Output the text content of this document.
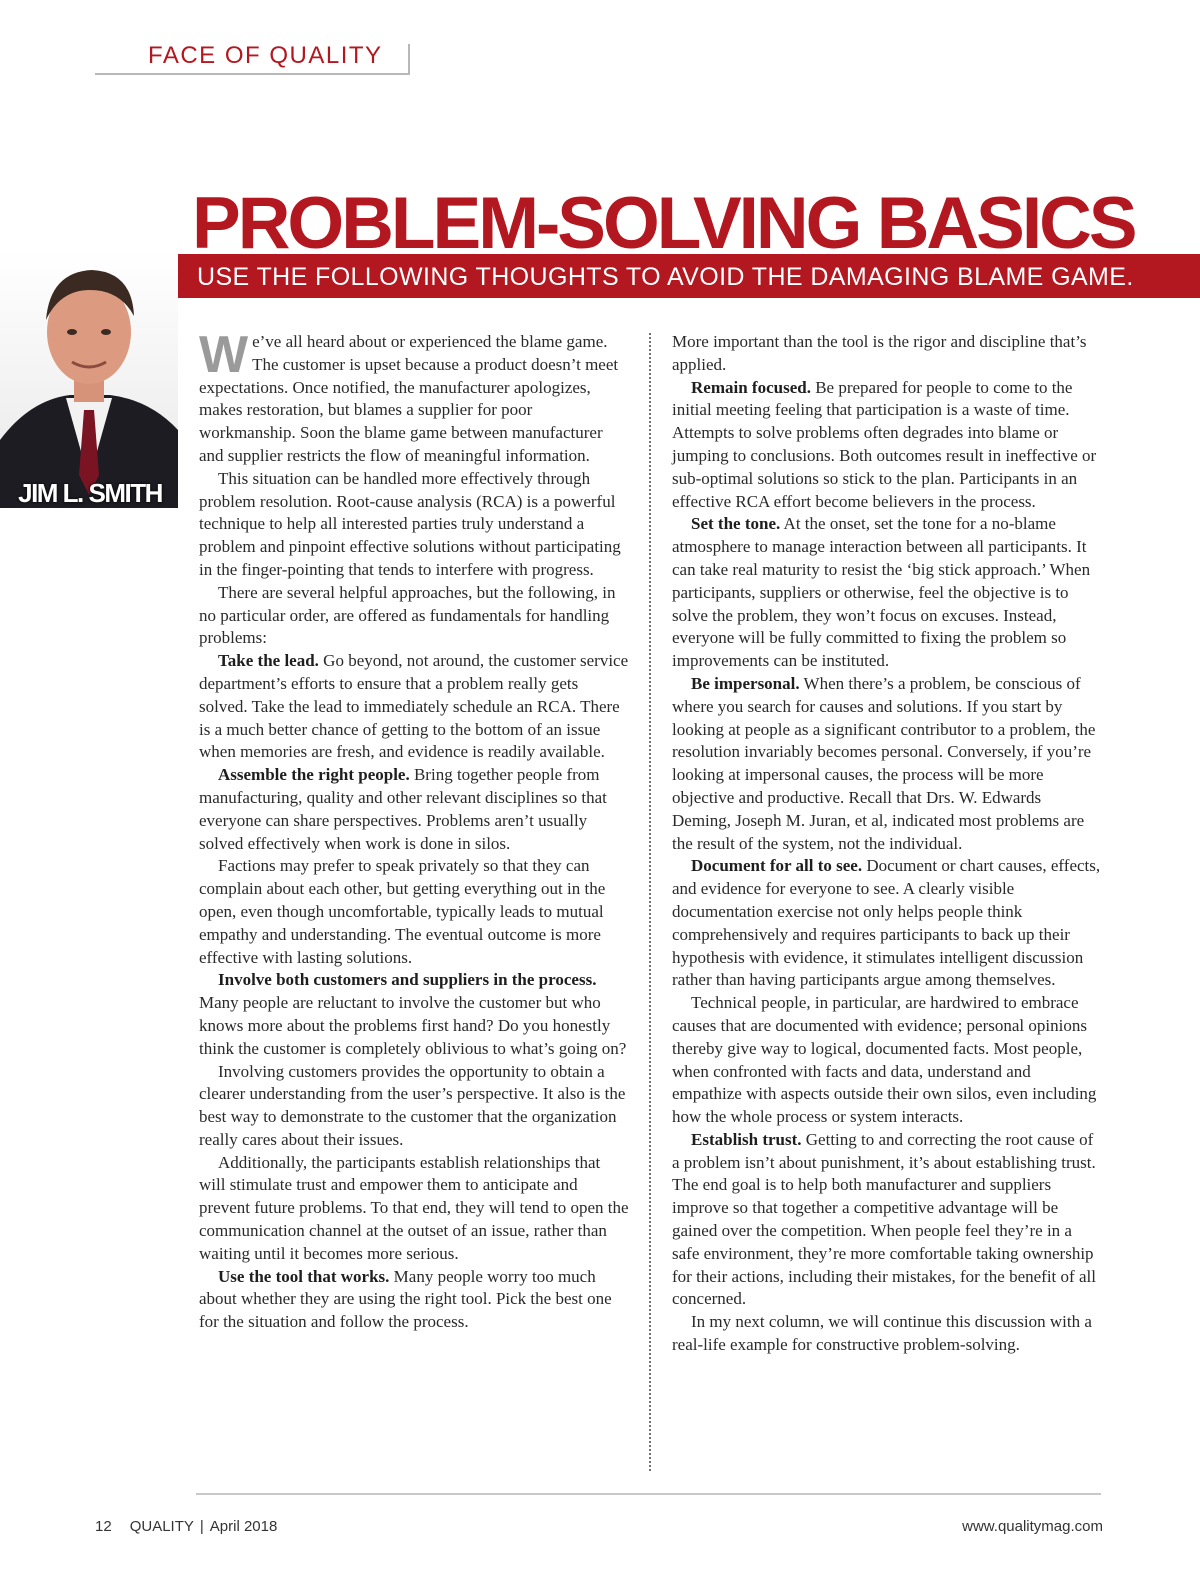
FACE OF QUALITY
PROBLEM-SOLVING BASICS
USE THE FOLLOWING THOUGHTS TO AVOID THE DAMAGING BLAME GAME.
JIM L. SMITH

We’ve all heard about or experienced the blame game. The customer is upset because a product doesn’t meet expectations. Once notified, the manufacturer apologizes, makes restoration, but blames a supplier for poor workmanship. Soon the blame game between manufacturer and supplier restricts the flow of meaningful information.

This situation can be handled more effectively through problem resolution. Root-cause analysis (RCA) is a powerful technique to help all interested parties truly understand a problem and pinpoint effective solutions without participating in the finger-pointing that tends to interfere with progress.

There are several helpful approaches, but the following, in no particular order, are offered as fundamentals for handling problems:

Take the lead. Go beyond, not around, the customer service department’s efforts to ensure that a problem really gets solved. Take the lead to immediately schedule an RCA. There is a much better chance of getting to the bottom of an issue when memories are fresh, and evidence is readily available.

Assemble the right people. Bring together people from manufacturing, quality and other relevant disciplines so that everyone can share perspectives. Problems aren’t usually solved effectively when work is done in silos.

Factions may prefer to speak privately so that they can complain about each other, but getting everything out in the open, even though uncomfortable, typically leads to mutual empathy and understanding. The eventual outcome is more effective with lasting solutions.

Involve both customers and suppliers in the process. Many people are reluctant to involve the customer but who knows more about the problems first hand? Do you honestly think the customer is completely oblivious to what’s going on?

Involving customers provides the opportunity to obtain a clearer understanding from the user’s perspective. It also is the best way to demonstrate to the customer that the organization really cares about their issues.

Additionally, the participants establish relationships that will stimulate trust and empower them to anticipate and prevent future problems. To that end, they will tend to open the communication channel at the outset of an issue, rather than waiting until it becomes more serious.

Use the tool that works. Many people worry too much about whether they are using the right tool. Pick the best one for the situation and follow the process.

More important than the tool is the rigor and discipline that’s applied.

Remain focused. Be prepared for people to come to the initial meeting feeling that participation is a waste of time. Attempts to solve problems often degrades into blame or jumping to conclusions. Both outcomes result in ineffective or sub-optimal solutions so stick to the plan. Participants in an effective RCA effort become believers in the process.

Set the tone. At the onset, set the tone for a no-blame atmosphere to manage interaction between all participants. It can take real maturity to resist the ‘big stick approach.’ When participants, suppliers or otherwise, feel the objective is to solve the problem, they won’t focus on excuses. Instead, everyone will be fully committed to fixing the problem so improvements can be instituted.

Be impersonal. When there’s a problem, be conscious of where you search for causes and solutions. If you start by looking at people as a significant contributor to a problem, the resolution invariably becomes personal. Conversely, if you’re looking at impersonal causes, the process will be more objective and productive. Recall that Drs. W. Edwards Deming, Joseph M. Juran, et al, indicated most problems are the result of the system, not the individual.

Document for all to see. Document or chart causes, effects, and evidence for everyone to see. A clearly visible documentation exercise not only helps people think comprehensively and requires participants to back up their hypothesis with evidence, it stimulates intelligent discussion rather than having participants argue among themselves.

Technical people, in particular, are hardwired to embrace causes that are documented with evidence; personal opinions thereby give way to logical, documented facts. Most people, when confronted with facts and data, understand and empathize with aspects outside their own silos, even including how the whole process or system interacts.

Establish trust. Getting to and correcting the root cause of a problem isn’t about punishment, it’s about establishing trust. The end goal is to help both manufacturer and suppliers improve so that together a competitive advantage will be gained over the competition. When people feel they’re in a safe environment, they’re more comfortable taking ownership for their actions, including their mistakes, for the benefit of all concerned.

In my next column, we will continue this discussion with a real-life example for constructive problem-solving.

12 QUALITY | April 2018	www.qualitymag.com
